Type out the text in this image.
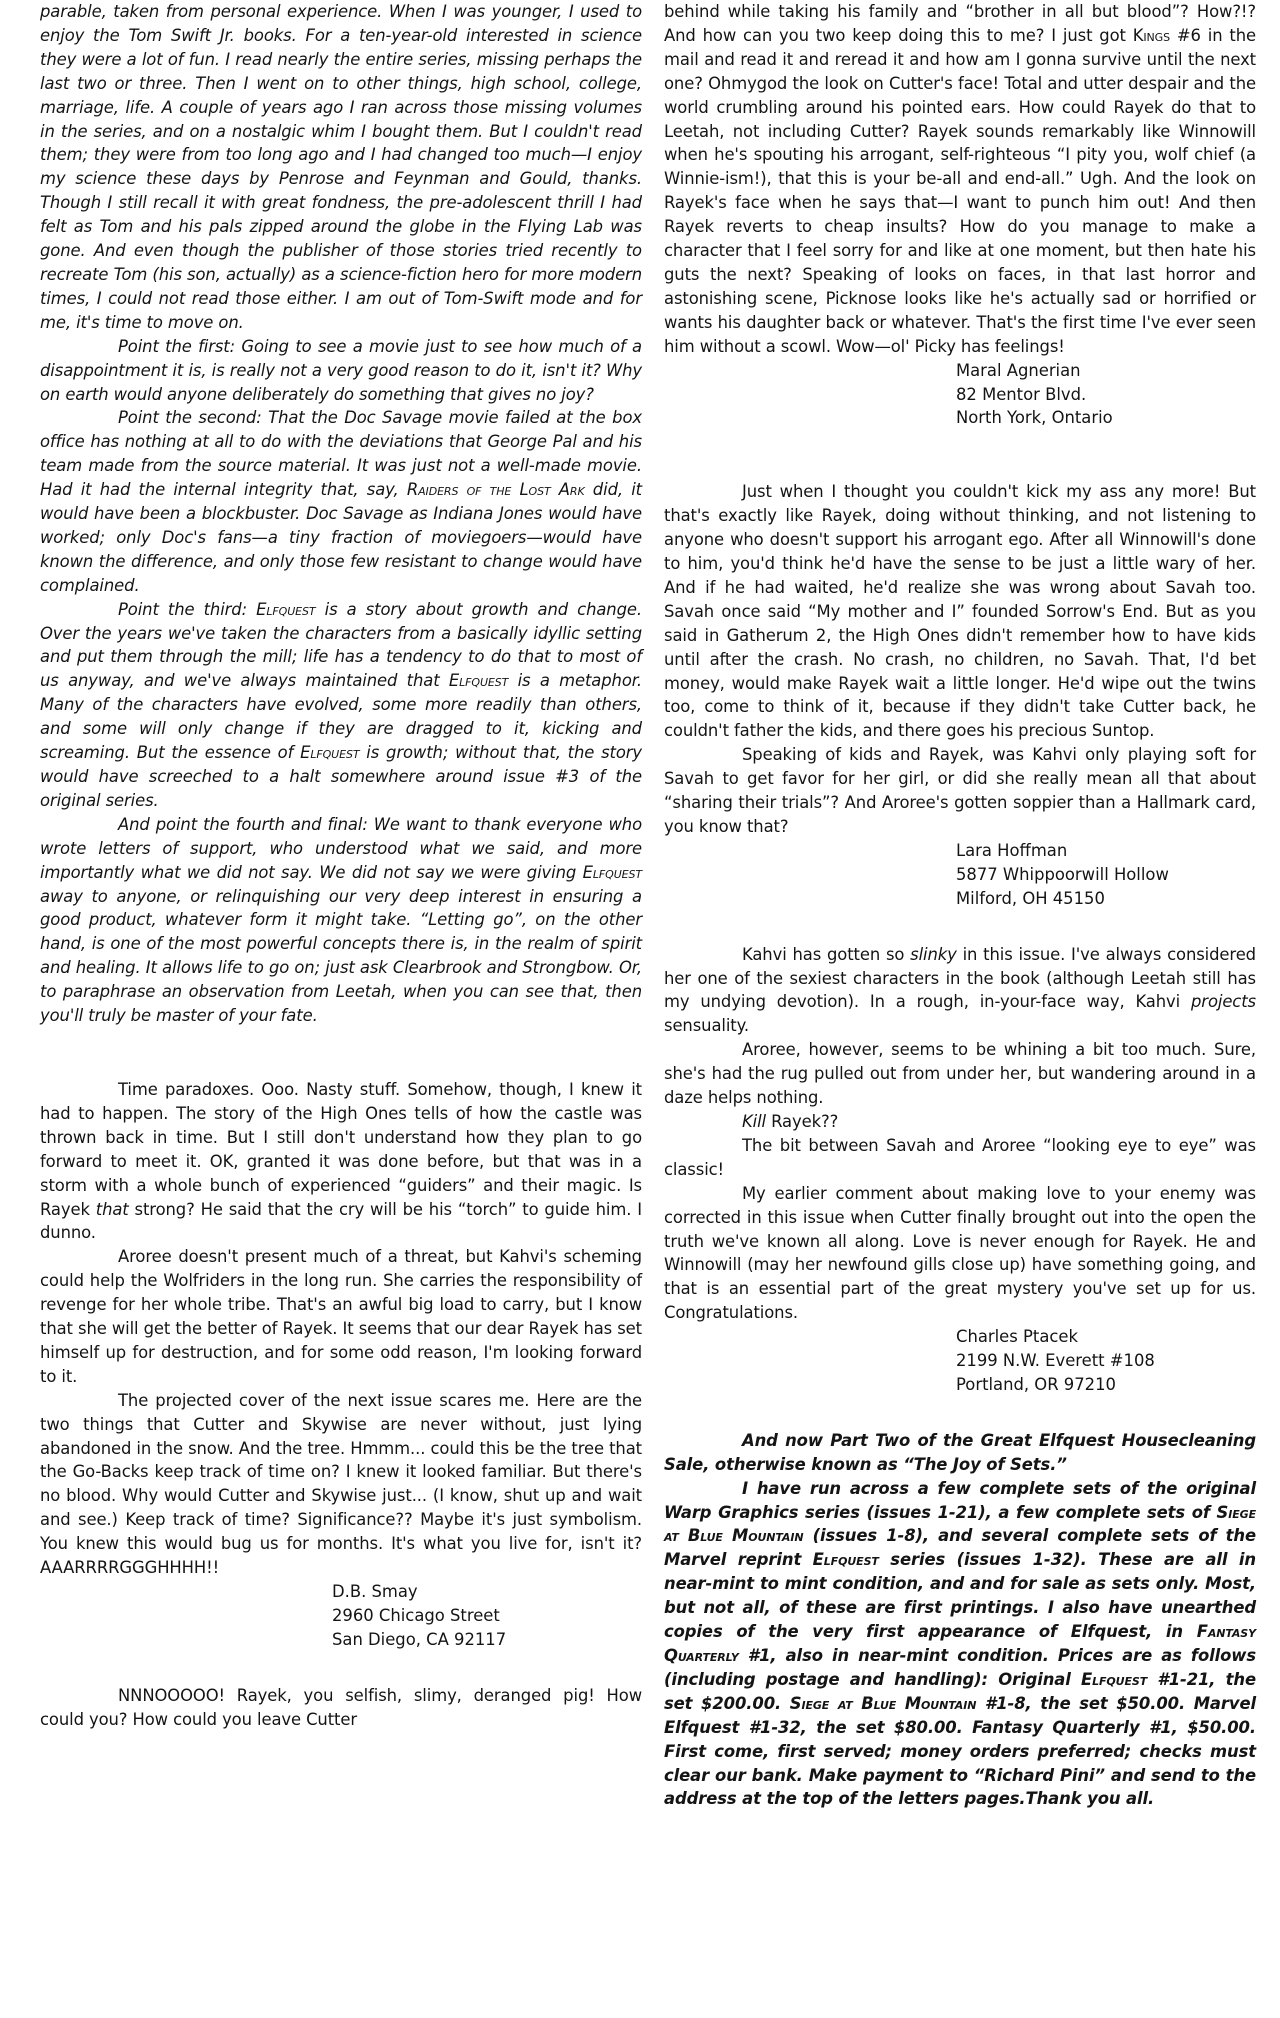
parable, taken from personal experience. When I was younger, I used to enjoy the Tom Swift Jr. books. For a ten-year-old interested in science they were a lot of fun. I read nearly the entire series, missing perhaps the last two or three. Then I went on to other things, high school, college, marriage, life. A couple of years ago I ran across those missing volumes in the series, and on a nostalgic whim I bought them. But I couldn't read them; they were from too long ago and I had changed too much—I enjoy my science these days by Penrose and Feynman and Gould, thanks. Though I still recall it with great fondness, the pre-adolescent thrill I had felt as Tom and his pals zipped around the globe in the Flying Lab was gone. And even though the publisher of those stories tried recently to recreate Tom (his son, actually) as a science-fiction hero for more modern times, I could not read those either. I am out of Tom-Swift mode and for me, it's time to move on.

Point the first: Going to see a movie just to see how much of a disappointment it is, is really not a very good reason to do it, isn't it? Why on earth would anyone deliberately do something that gives no joy?

Point the second: That the Doc Savage movie failed at the box office has nothing at all to do with the deviations that George Pal and his team made from the source material. It was just not a well-made movie. Had it had the internal integrity that, say, Raiders of the Lost Ark did, it would have been a blockbuster. Doc Savage as Indiana Jones would have worked; only Doc's fans—a tiny fraction of moviegoers—would have known the difference, and only those few resistant to change would have complained.

Point the third: Elfquest is a story about growth and change. Over the years we've taken the characters from a basically idyllic setting and put them through the mill; life has a tendency to do that to most of us anyway, and we've always maintained that Elfquest is a metaphor. Many of the characters have evolved, some more readily than others, and some will only change if they are dragged to it, kicking and screaming. But the essence of Elfquest is growth; without that, the story would have screeched to a halt somewhere around issue #3 of the original series.

And point the fourth and final: We want to thank everyone who wrote letters of support, who understood what we said, and more importantly what we did not say. We did not say we were giving Elfquest away to anyone, or relinquishing our very deep interest in ensuring a good product, whatever form it might take. “Letting go”, on the other hand, is one of the most powerful concepts there is, in the realm of spirit and healing. It allows life to go on; just ask Clearbrook and Strongbow. Or, to paraphrase an observation from Leetah, when you can see that, then you'll truly be master of your fate.

Time paradoxes. Ooo. Nasty stuff. Somehow, though, I knew it had to happen. The story of the High Ones tells of how the castle was thrown back in time. But I still don't understand how they plan to go forward to meet it. OK, granted it was done before, but that was in a storm with a whole bunch of experienced “guiders” and their magic. Is Rayek that strong? He said that the cry will be his “torch” to guide him. I dunno.

Aroree doesn't present much of a threat, but Kahvi's scheming could help the Wolfriders in the long run. She carries the responsibility of revenge for her whole tribe. That's an awful big load to carry, but I know that she will get the better of Rayek. It seems that our dear Rayek has set himself up for destruction, and for some odd reason, I'm looking forward to it.

The projected cover of the next issue scares me. Here are the two things that Cutter and Skywise are never without, just lying abandoned in the snow. And the tree. Hmmm... could this be the tree that the Go-Backs keep track of time on? I knew it looked familiar. But there's no blood. Why would Cutter and Skywise just... (I know, shut up and wait and see.) Keep track of time? Significance?? Maybe it's just symbolism. You knew this would bug us for months. It's what you live for, isn't it? AAARRRRGGGHHHH!!

D.B. Smay
2960 Chicago Street
San Diego, CA 92117

NNNOOOOO! Rayek, you selfish, slimy, deranged pig! How could you? How could you leave Cutter

behind while taking his family and “brother in all but blood”? How?!? And how can you two keep doing this to me? I just got Kings #6 in the mail and read it and reread it and how am I gonna survive until the next one? Ohmygod the look on Cutter's face! Total and utter despair and the world crumbling around his pointed ears. How could Rayek do that to Leetah, not including Cutter? Rayek sounds remarkably like Winnowill when he's spouting his arrogant, self-righteous “I pity you, wolf chief (a Winnie-ism!), that this is your be-all and end-all.” Ugh. And the look on Rayek's face when he says that—I want to punch him out! And then Rayek reverts to cheap insults? How do you manage to make a character that I feel sorry for and like at one moment, but then hate his guts the next? Speaking of looks on faces, in that last horror and astonishing scene, Picknose looks like he's actually sad or horrified or wants his daughter back or whatever. That's the first time I've ever seen him without a scowl. Wow—ol' Picky has feelings!

Maral Agnerian
82 Mentor Blvd.
North York, Ontario

Just when I thought you couldn't kick my ass any more! But that's exactly like Rayek, doing without thinking, and not listening to anyone who doesn't support his arrogant ego. After all Winnowill's done to him, you'd think he'd have the sense to be just a little wary of her. And if he had waited, he'd realize she was wrong about Savah too. Savah once said “My mother and I” founded Sorrow's End. But as you said in Gatherum 2, the High Ones didn't remember how to have kids until after the crash. No crash, no children, no Savah. That, I'd bet money, would make Rayek wait a little longer. He'd wipe out the twins too, come to think of it, because if they didn't take Cutter back, he couldn't father the kids, and there goes his precious Suntop.

Speaking of kids and Rayek, was Kahvi only playing soft for Savah to get favor for her girl, or did she really mean all that about “sharing their trials”? And Aroree's gotten soppier than a Hallmark card, you know that?

Lara Hoffman
5877 Whippoorwill Hollow
Milford, OH 45150

Kahvi has gotten so slinky in this issue. I've always considered her one of the sexiest characters in the book (although Leetah still has my undying devotion). In a rough, in-your-face way, Kahvi projects sensuality.

Aroree, however, seems to be whining a bit too much. Sure, she's had the rug pulled out from under her, but wandering around in a daze helps nothing.

Kill Rayek??

The bit between Savah and Aroree “looking eye to eye” was classic!

My earlier comment about making love to your enemy was corrected in this issue when Cutter finally brought out into the open the truth we've known all along. Love is never enough for Rayek. He and Winnowill (may her newfound gills close up) have something going, and that is an essential part of the great mystery you've set up for us. Congratulations.

Charles Ptacek
2199 N.W. Everett #108
Portland, OR 97210

And now Part Two of the Great Elfquest Housecleaning Sale, otherwise known as “The Joy of Sets.”

I have run across a few complete sets of the original Warp Graphics series (issues 1-21), a few complete sets of Siege at Blue Mountain (issues 1-8), and several complete sets of the Marvel reprint Elfquest series (issues 1-32). These are all in near-mint to mint condition, and and for sale as sets only. Most, but not all, of these are first printings. I also have unearthed copies of the very first appearance of Elfquest, in Fantasy Quarterly #1, also in near-mint condition. Prices are as follows (including postage and handling): Original Elfquest #1-21, the set $200.00. Siege at Blue Mountain #1-8, the set $50.00. Marvel Elfquest #1-32, the set $80.00. Fantasy Quarterly #1, $50.00. First come, first served; money orders preferred; checks must clear our bank. Make payment to “Richard Pini” and send to the address at the top of the letters pages.Thank you all.
